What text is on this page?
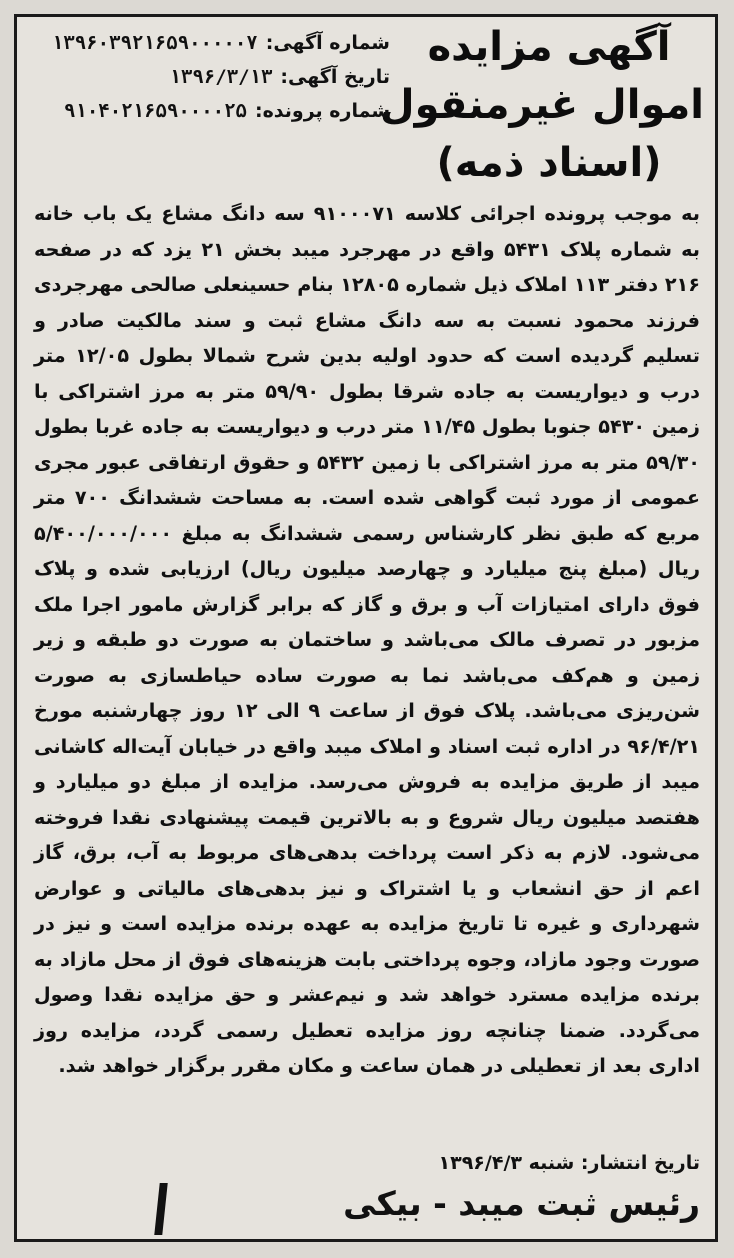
آگهی مزایده
اموال غیرمنقول
(اسناد ذمه)
شماره آگهی:
۱۳۹۶۰۳۹۲۱۶۵۹۰۰۰۰۰۷
تاریخ آگهی:
۱۳۹۶/۳/۱۳
شماره پرونده:
۹۱۰۴۰۲۱۶۵۹۰۰۰۰۲۵

به موجب پرونده اجرائی کلاسه ۹۱۰۰۰۷۱ سه دانگ مشاع یک باب خانه به شماره پلاک ۵۴۳۱ واقع در مهرجرد میبد بخش ۲۱ یزد که در صفحه ۲۱۶ دفتر ۱۱۳ املاک ذیل شماره ۱۲۸۰۵ بنام حسینعلی صالحی مهرجردی فرزند محمود نسبت به سه دانگ مشاع ثبت و سند مالکیت صادر و تسلیم گردیده است که حدود اولیه بدین شرح شمالا بطول ۱۲/۰۵ متر درب و دیواریست به جاده شرقا بطول ۵۹/۹۰ متر به مرز اشتراکی با زمین ۵۴۳۰ جنوبا بطول ۱۱/۴۵ متر درب و دیواریست به جاده غربا بطول ۵۹/۳۰ متر به مرز اشتراکی با زمین ۵۴۳۲ و حقوق ارتفاقی عبور مجری عمومی از مورد ثبت گواهی شده است. به مساحت ششدانگ ۷۰۰ متر مربع که طبق نظر کارشناس رسمی ششدانگ به مبلغ ۵/۴۰۰/۰۰۰/۰۰۰ ریال (مبلغ پنج میلیارد و چهارصد میلیون ریال) ارزیابی شده و پلاک فوق دارای امتیازات آب و برق و گاز که برابر گزارش مامور اجرا ملک مزبور در تصرف مالک می‌باشد و ساختمان به صورت دو طبقه و زیر زمین و هم‌کف می‌باشد نما به صورت ساده حیاطسازی به صورت شن‌ریزی می‌باشد. پلاک فوق از ساعت ۹ الی ۱۲ روز چهارشنبه مورخ ۹۶/۴/۲۱ در اداره ثبت اسناد و املاک میبد واقع در خیابان آیت‌اله کاشانی میبد از طریق مزایده به فروش می‌رسد. مزایده از مبلغ دو میلیارد و هفتصد میلیون ریال شروع و به بالاترین قیمت پیشنهادی نقدا فروخته می‌شود. لازم به ذکر است پرداخت بدهی‌های مربوط به آب، برق، گاز اعم از حق انشعاب و یا اشتراک و نیز بدهی‌های مالیاتی و عوارض شهرداری و غیره تا تاریخ مزایده به عهده برنده مزایده است و نیز در صورت وجود مازاد، وجوه پرداختی بابت هزینه‌های فوق از محل مازاد به برنده مزایده مسترد خواهد شد و نیم‌عشر و حق مزایده نقدا وصول می‌گردد. ضمنا چنانچه روز مزایده تعطیل رسمی گردد، مزایده روز اداری بعد از تعطیلی در همان ساعت و مکان مقرر برگزار خواهد شد.

تاریخ انتشار: شنبه ۱۳۹۶/۴/۳
رئیس ثبت میبد - بیکی
